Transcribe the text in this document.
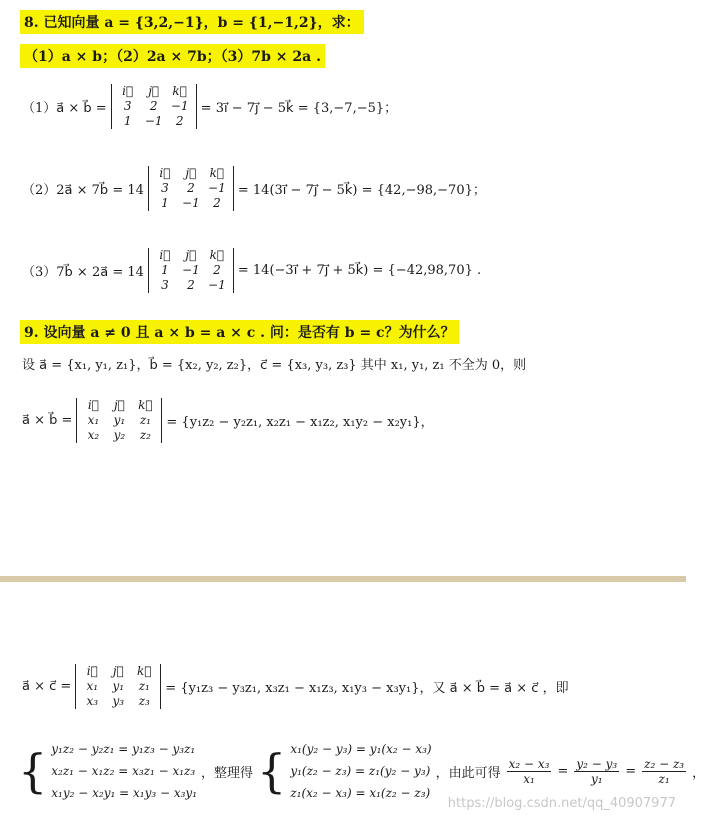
8. 已知向量 a = {3,2,−1}，b = {1,−1,2}，求：
（1）a × b；（2）2a × 7b；（3）7b × 2a .
（1）a⃗ × b⃗ =
i⃗	j⃗	k⃗
3	2	−1
1	−1	2
= 3i⃗ − 7j⃗ − 5k⃗ = {3,−7,−5}；
（2）2a⃗ × 7b⃗ = 14
i⃗	j⃗	k⃗
3	2	−1
1	−1	2
= 14(3i⃗ − 7j⃗ − 5k⃗) = {42,−98,−70}；
（3）7b⃗ × 2a⃗ = 14
i⃗	j⃗	k⃗
1	−1	2
3	2	−1
= 14(−3i⃗ + 7j⃗ + 5k⃗) = {−42,98,70} .
9. 设向量 a ≠ 0 且 a × b = a × c . 问：是否有 b = c？为什么？
设 a⃗ = {x₁, y₁, z₁}，b⃗ = {x₂, y₂, z₂}，c⃗ = {x₃, y₃, z₃} 其中 x₁, y₁, z₁ 不全为 0，则
a⃗ × b⃗ =
i⃗	j⃗	k⃗
x₁	y₁	z₁
x₂	y₂	z₂
= {y₁z₂ − y₂z₁, x₂z₁ − x₁z₂, x₁y₂ − x₂y₁}，
a⃗ × c⃗ =
i⃗	j⃗	k⃗
x₁	y₁	z₁
x₃	y₃	z₃
= {y₁z₃ − y₃z₁, x₃z₁ − x₁z₃, x₁y₃ − x₃y₁}，又 a⃗ × b⃗ = a⃗ × c⃗ ，即
{ y₁z₂ − y₂z₁ = y₁z₃ − y₃z₁
x₂z₁ − x₁z₂ = x₃z₁ − x₁z₃
x₁y₂ − x₂y₁ = x₁y₃ − x₃y₁
，整理得 { x₁(y₂ − y₃) = y₁(x₂ − x₃)
y₁(z₂ − z₃) = z₁(y₂ − y₃)
z₁(x₂ − x₃) = x₁(z₂ − z₃)
，由此可得 $\frac{\text{x₂ − x₃}}{\text{x₁}} = \frac{\text{y₂ − y₃}}{\text{y₁}} = \frac{\text{z₂ − z₃}}{\text{z₁}}$ ，
https://blog.csdn.net/qq_40907977
